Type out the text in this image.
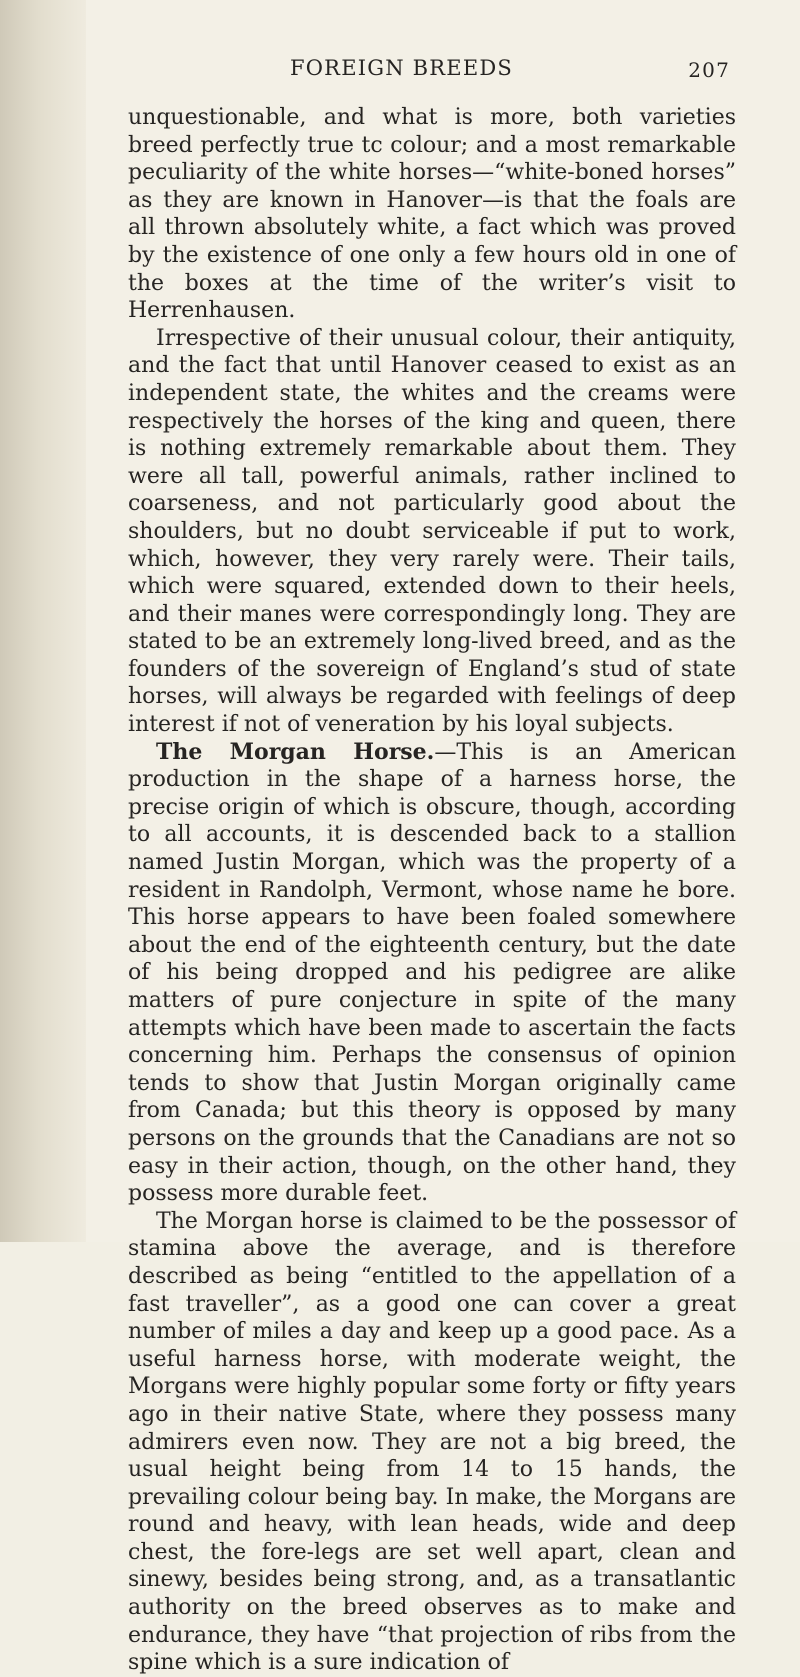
FOREIGN BREEDS	207

unquestionable, and what is more, both varieties breed perfectly true tc colour; and a most remarkable peculiarity of the white horses—“white-boned horses” as they are known in Hanover—is that the foals are all thrown absolutely white, a fact which was proved by the existence of one only a few hours old in one of the boxes at the time of the writer’s visit to Herrenhausen.

Irrespective of their unusual colour, their antiquity, and the fact that until Hanover ceased to exist as an independent state, the whites and the creams were respectively the horses of the king and queen, there is nothing extremely remarkable about them. They were all tall, powerful animals, rather inclined to coarseness, and not particularly good about the shoulders, but no doubt serviceable if put to work, which, however, they very rarely were. Their tails, which were squared, extended down to their heels, and their manes were correspondingly long. They are stated to be an extremely long-lived breed, and as the founders of the sovereign of England’s stud of state horses, will always be regarded with feelings of deep interest if not of veneration by his loyal subjects.

The Morgan Horse.—This is an American production in the shape of a harness horse, the precise origin of which is obscure, though, according to all accounts, it is descended back to a stallion named Justin Morgan, which was the property of a resident in Randolph, Vermont, whose name he bore. This horse appears to have been foaled somewhere about the end of the eighteenth century, but the date of his being dropped and his pedigree are alike matters of pure conjecture in spite of the many attempts which have been made to ascertain the facts concerning him. Perhaps the consensus of opinion tends to show that Justin Morgan originally came from Canada; but this theory is opposed by many persons on the grounds that the Canadians are not so easy in their action, though, on the other hand, they possess more durable feet.

The Morgan horse is claimed to be the possessor of stamina above the average, and is therefore described as being “entitled to the appellation of a fast traveller”, as a good one can cover a great number of miles a day and keep up a good pace. As a useful harness horse, with moderate weight, the Morgans were highly popular some forty or fifty years ago in their native State, where they possess many admirers even now. They are not a big breed, the usual height being from 14 to 15 hands, the prevailing colour being bay. In make, the Morgans are round and heavy, with lean heads, wide and deep chest, the fore-legs are set well apart, clean and sinewy, besides being strong, and, as a transatlantic authority on the breed observes as to make and endurance, they have “that projection of ribs from the spine which is a sure indication of
